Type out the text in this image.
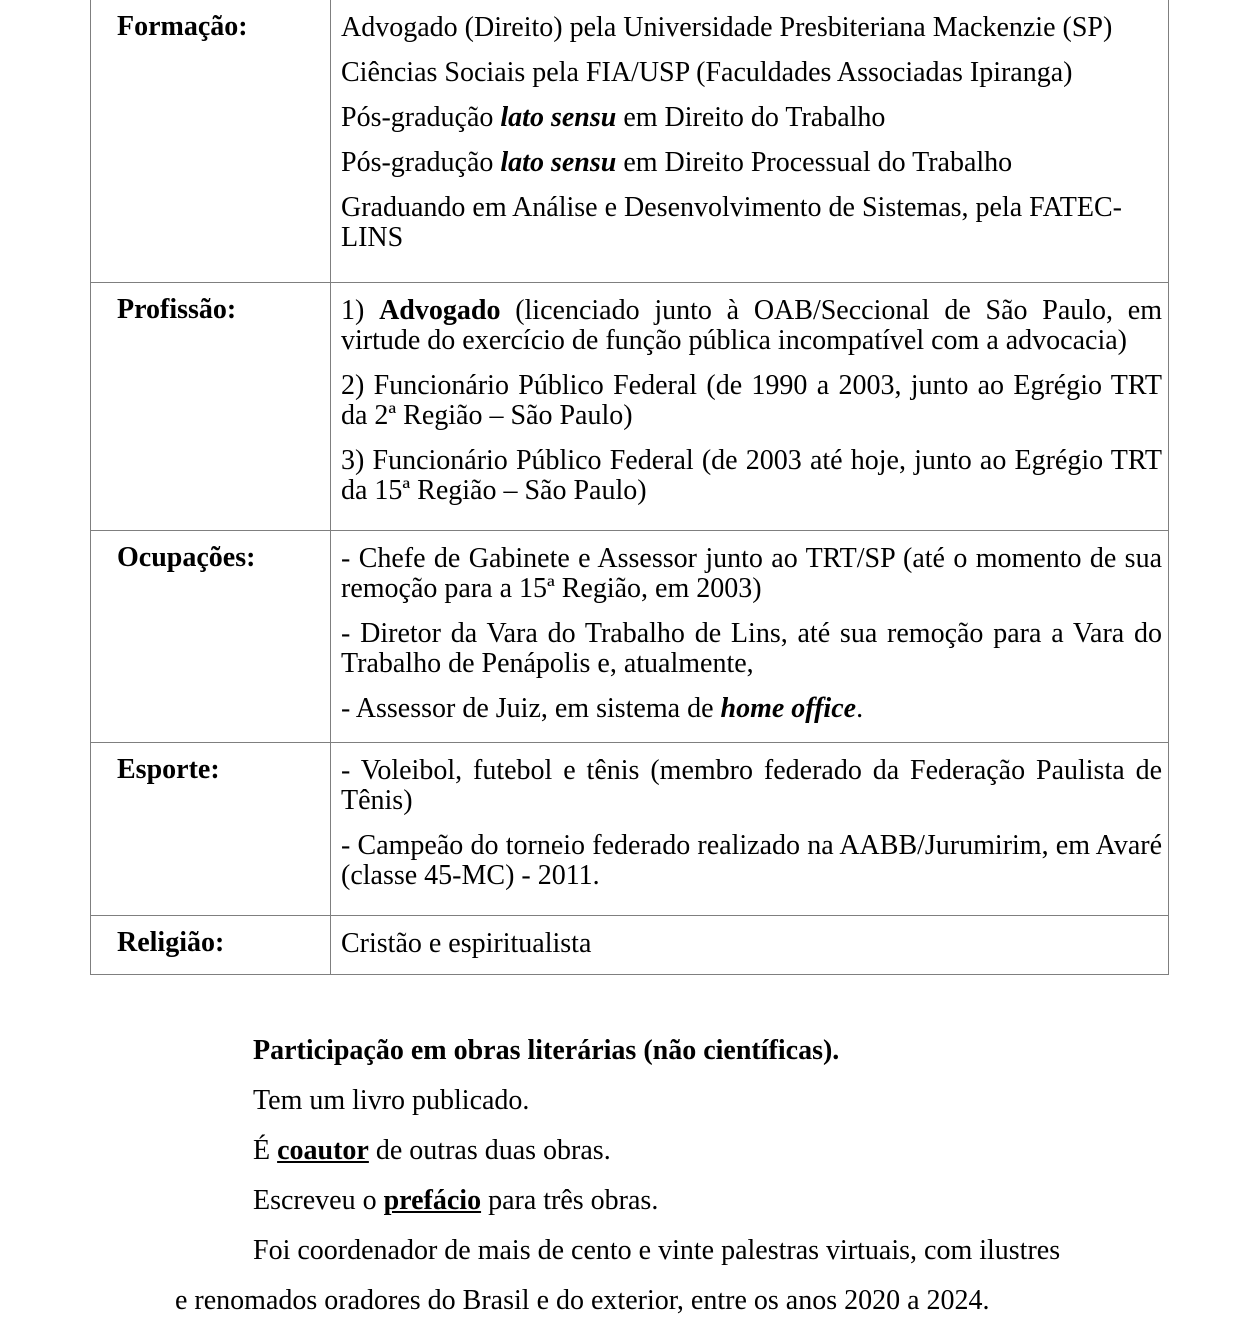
Formação:	Advogado (Direito) pela Universidade Presbiteriana Mackenzie (SP)

Ciências Sociais pela FIA/USP (Faculdades Associadas Ipiranga)

Pós-gradução lato sensu em Direito do Trabalho

Pós-gradução lato sensu em Direito Processual do Trabalho

Graduando em Análise e Desenvolvimento de Sistemas, pela FATEC-LINS

Profissão:	1) Advogado (licenciado junto à OAB/Seccional de São Paulo, em virtude do exercício de função pública incompatível com a advocacia)

2) Funcionário Público Federal (de 1990 a 2003, junto ao Egrégio TRT da 2ª Região – São Paulo)

3) Funcionário Público Federal (de 2003 até hoje, junto ao Egrégio TRT da 15ª Região – São Paulo)

Ocupações:	- Chefe de Gabinete e Assessor junto ao TRT/SP (até o momento de sua remoção para a 15ª Região, em 2003)

- Diretor da Vara do Trabalho de Lins, até sua remoção para a Vara do Trabalho de Penápolis e, atualmente,

- Assessor de Juiz, em sistema de home office.

Esporte:	- Voleibol, futebol e tênis (membro federado da Federação Paulista de Tênis)

- Campeão do torneio federado realizado na AABB/Jurumirim, em Avaré (classe 45-MC) - 2011.

Religião:	Cristão e espiritualista

Participação em obras literárias (não científicas).

Tem um livro publicado.

É coautor de outras duas obras.

Escreveu o prefácio para três obras.

Foi coordenador de mais de cento e vinte palestras virtuais, com ilustres

e renomados oradores do Brasil e do exterior, entre os anos 2020 a 2024.
